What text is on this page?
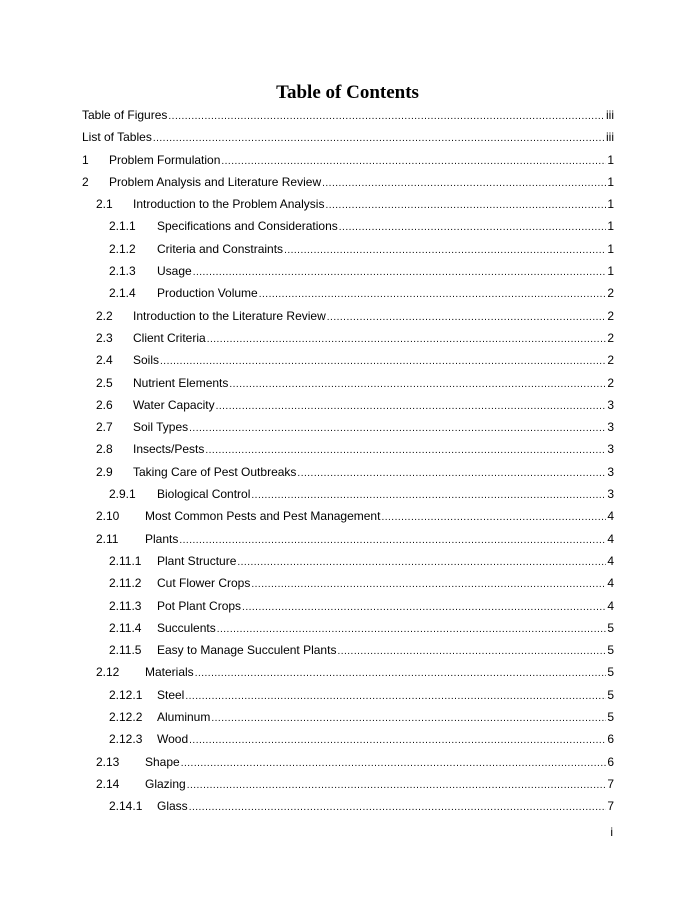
Table of Contents
Table of Figures .....	iii
List of Tables .....	iii
1	Problem Formulation .....	1
2	Problem Analysis and Literature Review .....	1
2.1	Introduction to the Problem Analysis .....	1
2.1.1	Specifications and Considerations .....	1
2.1.2	Criteria and Constraints .....	1
2.1.3	Usage .....	1
2.1.4	Production Volume .....	2
2.2	Introduction to the Literature Review .....	2
2.3	Client Criteria .....	2
2.4	Soils .....	2
2.5	Nutrient Elements .....	2
2.6	Water Capacity .....	3
2.7	Soil Types .....	3
2.8	Insects/Pests .....	3
2.9	Taking Care of Pest Outbreaks .....	3
2.9.1	Biological Control .....	3
2.10	Most Common Pests and Pest Management .....	4
2.11	Plants .....	4
2.11.1	Plant Structure .....	4
2.11.2	Cut Flower Crops .....	4
2.11.3	Pot Plant Crops .....	4
2.11.4	Succulents .....	5
2.11.5	Easy to Manage Succulent Plants .....	5
2.12	Materials .....	5
2.12.1	Steel .....	5
2.12.2	Aluminum .....	5
2.12.3	Wood .....	6
2.13	Shape .....	6
2.14	Glazing .....	7
2.14.1	Glass .....	7
i
